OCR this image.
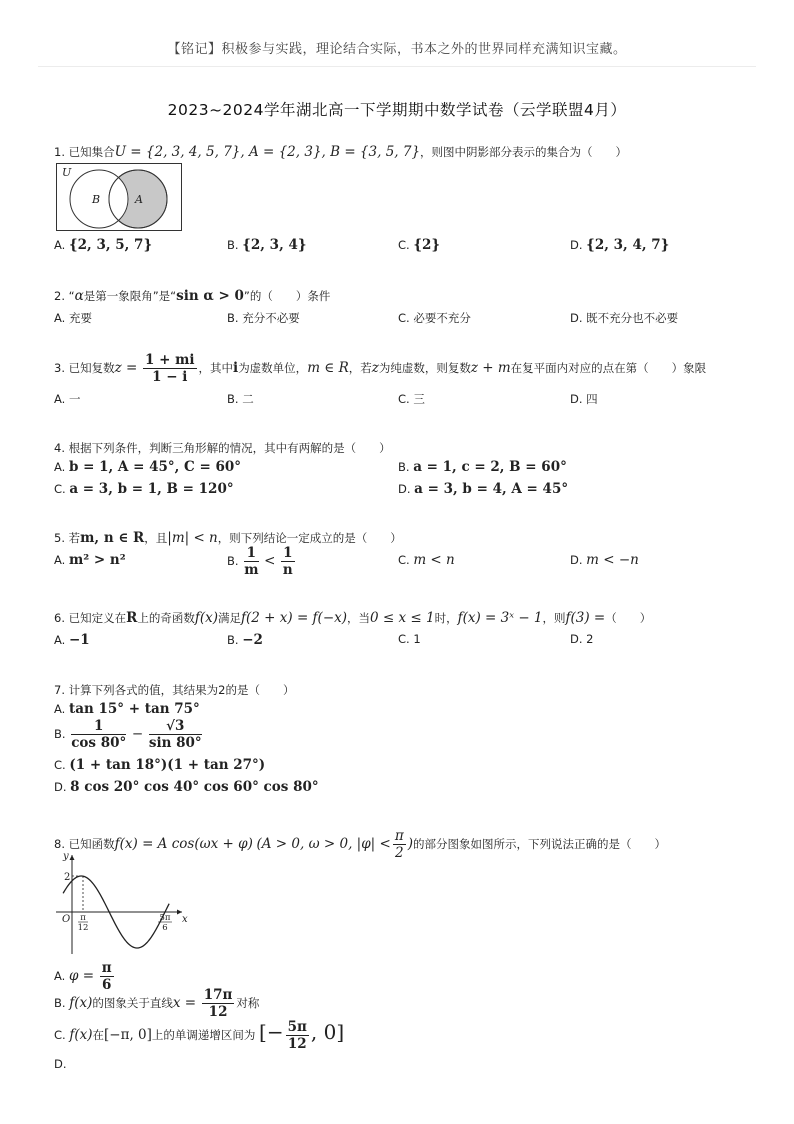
【铭记】积极参与实践，理论结合实际，书本之外的世界同样充满知识宝藏。
2023~2024学年湖北高一下学期期中数学试卷（云学联盟4月）
1. 已知集合U = {2, 3, 4, 5, 7}, A = {2, 3}, B = {3, 5, 7}，则图中阴影部分表示的集合为（　　）
U
B	A
A. {2, 3, 5, 7}	B. {2, 3, 4}	C. {2}	D. {2, 3, 4, 7}
2. “α是第一象限角”是“sin α > 0”的（　　）条件
A. 充要	B. 充分不必要	C. 必要不充分	D. 既不充分也不必要
3. 已知复数$z = \frac{1 + mi}{1 - i}$ ，其中i为虚数单位，m ∈ R，若z为纯虚数，则复数z + m在复平面内对应的点在第（　　）象限
A. 一	B. 二	C. 三	D. 四
4. 根据下列条件，判断三角形解的情况，其中有两解的是（　　）
A. b = 1, A = 45°, C = 60°	B. a = 1, c = 2, B = 60°
C. a = 3, b = 1, B = 120°	D. a = 3, b = 4, A = 45°
5. 若m, n ∈ R，且|m| < n，则下列结论一定成立的是（　　）
A. m² > n²	B. $\frac{1}{m} < \frac{1}{n}$	C. m < n	D. m < −n
6. 已知定义在R上的奇函数f(x)满足f(2 + x) = f(−x)，当0 ≤ x ≤ 1时，f(x) = 3ˣ − 1，则f(3) =（　　）
A. −1	B. −2	C. 1	D. 2
7. 计算下列各式的值，其结果为2的是（　　）
A. tan 15° + tan 75°
B. $\frac{1}{\cos 80^\circ} - \frac{√3}{\sin 80^\circ}$
C. (1 + tan 18°)(1 + tan 27°)
D. 8 cos 20° cos 40° cos 60° cos 80°
8. 已知函数f(x) = A cos(ωx + φ) (A > 0, ω > 0, $|\varphi| < \frac{\pi}{2}$ )的部分图象如图所示，下列说法正确的是（　　）
y
x
O
2
π
12
5π
6
A. $\varphi = \frac{\pi}{6}$
B. f(x)的图象关于直线$x = \frac{17\pi}{12}$ 对称
C. f(x)在[−π, 0]上的单调递增区间为 [− $\frac{5\pi}{12}$ , 0]
D.
